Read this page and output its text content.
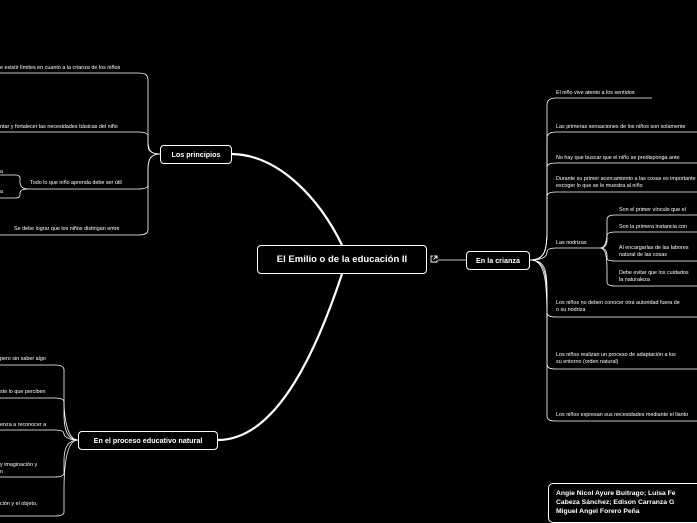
El Emilio o de la educación II
Los principios
En el proceso educativo natural
En la crianza
e existir límites en cuanto a la crianza de los niños
ntar y fortalecer las necesidades básicas del niño
Todo lo que niño aprenda debe ser útil
Se debe lograr que los niños distingan entre
a
a
pero sin saber algo
ste lo que perciben
enza a reconocer a
y imaginación y
n
ción y el objeto,
El niño vive atento a los sentidos
Las primeras sensaciones de los niños son solamente
No hay que buscar que el niño se predisponga ante
Durante su primer acercamiento a las cosas es importante
escoger lo que se le muestra al niño
Las nodrizas
Los niños no deben conocer otra autoridad fuera de
o su nodriza
Los niños realizan un proceso de adaptación a los
su entorno (orden natural)
Los niños expresan sus necesidades mediante el llanto
Son el primer vínculo que el
Son la primera instancia con
Al encargarlas de las labores
natural de las cosas
Debe evitar que los cuidados
la naturaleza
Angie Nicol Ayure Buitrago; Luisa Fe
Cabeza Sánchez; Edison Carranza G
Miguel Angel Forero Peña
